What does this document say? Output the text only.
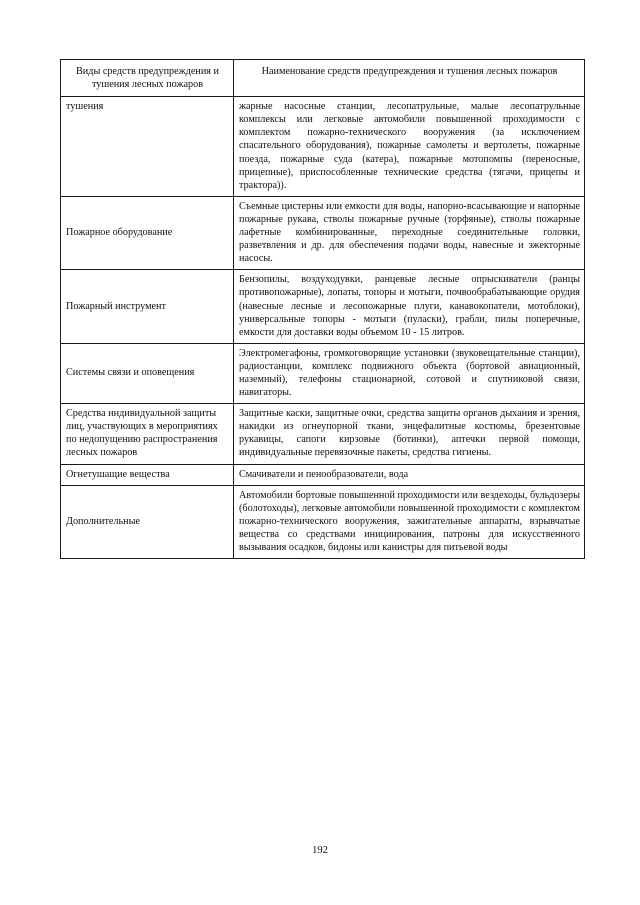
Виды средств предупреждения и тушения лесных пожаров	Наименование средств предупреждения и тушения лесных пожаров
тушения	жарные насосные станции, лесопатрульные, малые лесопатрульные комплексы или легковые автомобили повышенной проходимости с комплектом пожарно-технического вооружения (за исключением спасательного оборудования), пожарные самолеты и вертолеты, пожарные поезда, пожарные суда (катера), пожарные мотопомпы (переносные, прицепные), приспособленные технические средства (тягачи, прицепы и трактора)).
Пожарное оборудование	Съемные цистерны или емкости для воды, напорно-всасывающие и напорные пожарные рукава, стволы пожарные ручные (торфяные), стволы пожарные лафетные комбинированные, переходные соединительные головки, разветвления и др. для обеспечения подачи воды, навесные и эжекторные насосы.
Пожарный инструмент	Бензопилы, воздуходувки, ранцевые лесные опрыскиватели (ранцы противопожарные), лопаты, топоры и мотыги, почвообрабатывающие орудия (навесные лесные и лесопожарные плуги, канавокопатели, мотоблоки), универсальные топоры - мотыги (пуласки), грабли, пилы поперечные, емкости для доставки воды объемом 10 - 15 литров.
Системы связи и оповещения	Электромегафоны, громкоговорящие установки (звуковещательные станции), радиостанции, комплекс подвижного объекта (бортовой авиационный, наземный), телефоны стационарной, сотовой и спутниковой связи, навигаторы.
Средства индивидуальной защиты лиц, участвующих в мероприятиях по недопущению распространения лесных пожаров	Защитные каски, защитные очки, средства защиты органов дыхания и зрения, накидки из огнеупорной ткани, энцефалитные костюмы, брезентовые рукавицы, сапоги кирзовые (ботинки), аптечки первой помощи, индивидуальные перевязочные пакеты, средства гигиены.
Огнетушащие вещества	Смачиватели и пенообразователи, вода
Дополнительные	Автомобили бортовые повышенной проходимости или вездеходы, бульдозеры (болотоходы), легковые автомобили повышенной проходимости с комплектом пожарно-технического вооружения, зажигательные аппараты, взрывчатые вещества со средствами инициирования, патроны для искусственного вызывания осадков, бидоны или канистры для питьевой воды
192
